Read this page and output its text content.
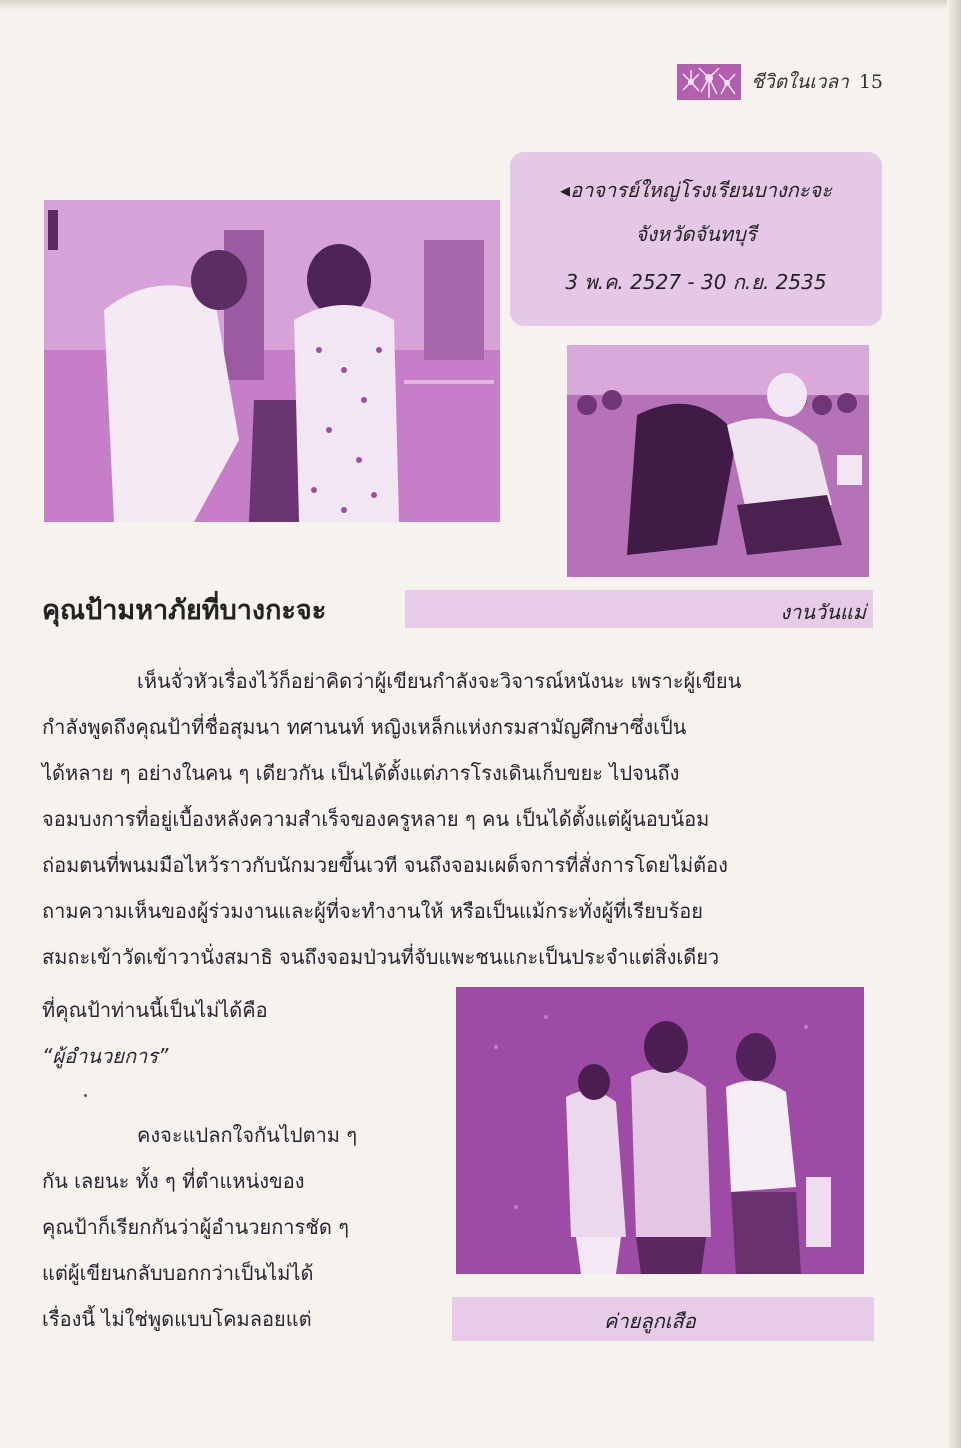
ชีวิตในเวลา 15
◂อาจารย์ใหญ่โรงเรียนบางกะจะ
จังหวัดจันทบุรี
3 พ.ค. 2527 - 30 ก.ย. 2535
คุณป้ามหาภัยที่บางกะจะ	งานวันแม่
เห็นจั่วหัวเรื่องไว้ก็อย่าคิดว่าผู้เขียนกำลังจะวิจารณ์หนังนะ เพราะผู้เขียน
กำลังพูดถึงคุณป้าที่ชื่อสุมนา ทศานนท์ หญิงเหล็กแห่งกรมสามัญศึกษาซึ่งเป็น
ได้หลาย ๆ อย่างในคน ๆ เดียวกัน เป็นได้ตั้งแต่ภารโรงเดินเก็บขยะ ไปจนถึง
จอมบงการที่อยู่เบื้องหลังความสำเร็จของครูหลาย ๆ คน เป็นได้ตั้งแต่ผู้นอบน้อม
ถ่อมตนที่พนมมือไหว้ราวกับนักมวยขึ้นเวที จนถึงจอมเผด็จการที่สั่งการโดยไม่ต้อง
ถามความเห็นของผู้ร่วมงานและผู้ที่จะทำงานให้ หรือเป็นแม้กระทั่งผู้ที่เรียบร้อย
สมถะเข้าวัดเข้าวานั่งสมาธิ จนถึงจอมป่วนที่จับแพะชนแกะเป็นประจำแต่สิ่งเดียว
ที่คุณป้าท่านนี้เป็นไม่ได้คือ
“ผู้อำนวยการ”
คงจะแปลกใจกันไปตาม ๆ
กัน เลยนะ ทั้ง ๆ ที่ตำแหน่งของ
คุณป้าก็เรียกกันว่าผู้อำนวยการชัด ๆ
แต่ผู้เขียนกลับบอกกว่าเป็นไม่ได้
เรื่องนี้ ไม่ใช่พูดแบบโคมลอยแต่	ค่ายลูกเสือ
